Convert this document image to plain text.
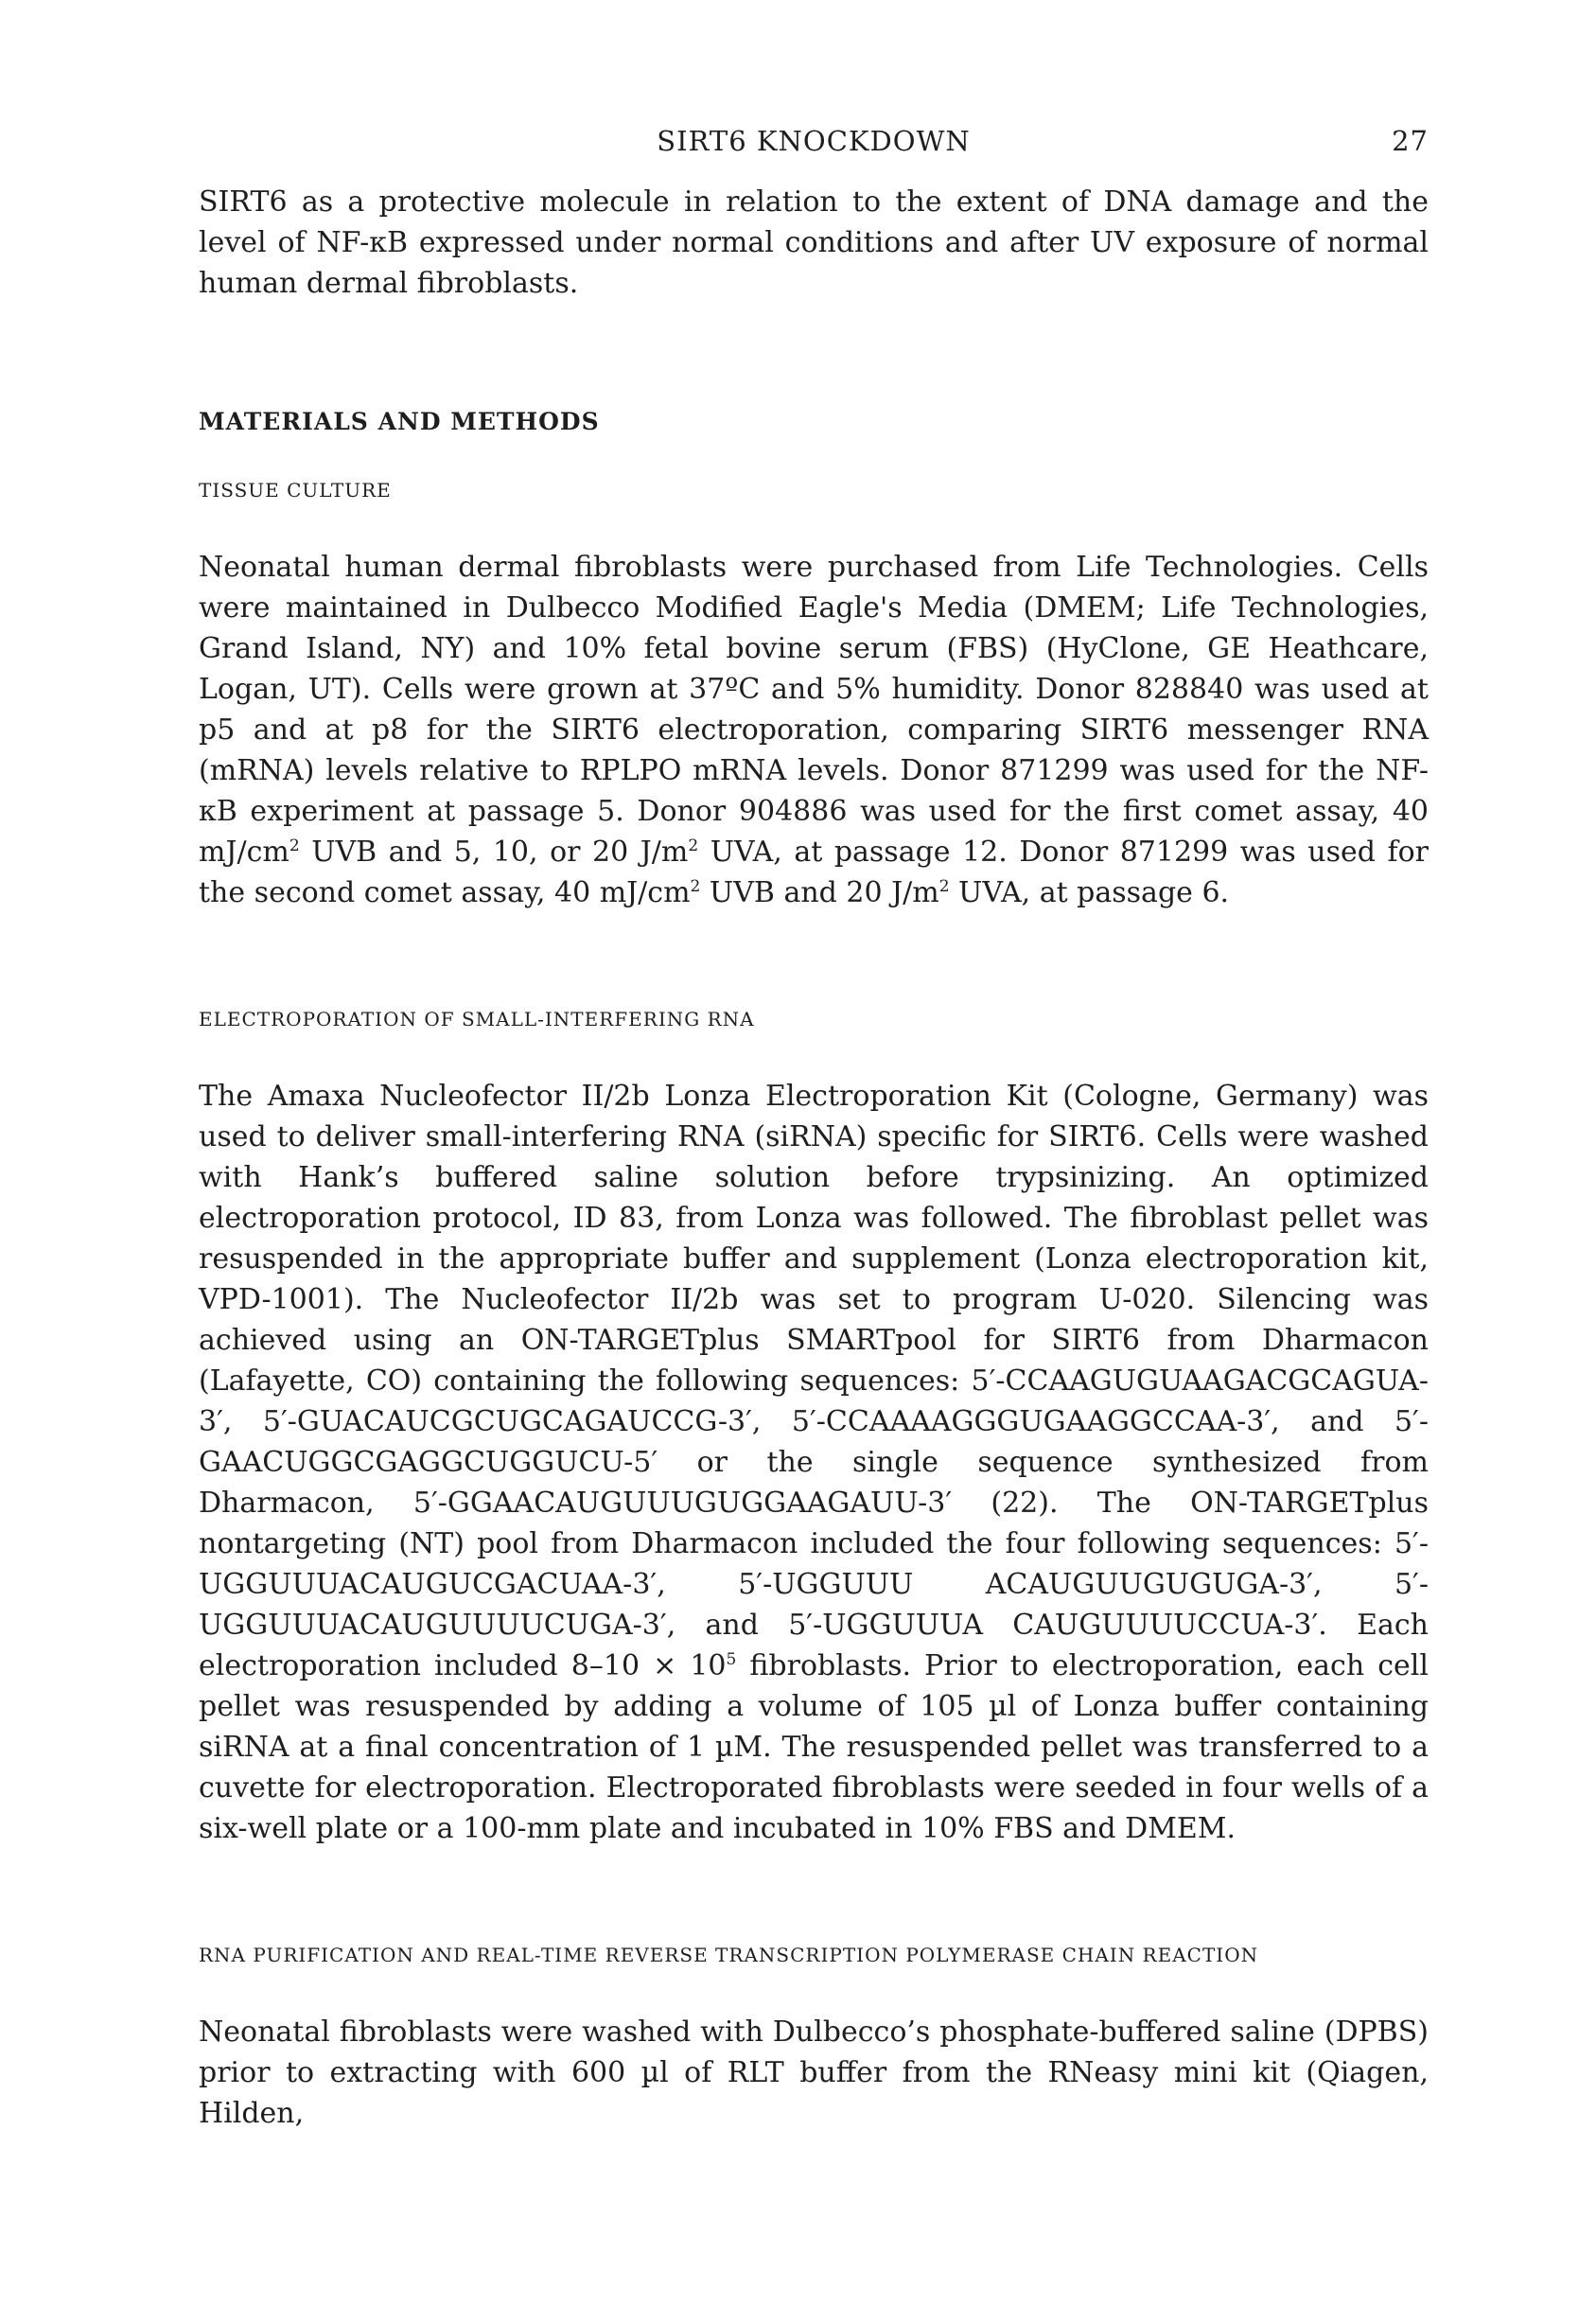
SIRT6 KNOCKDOWN	27

SIRT6 as a protective molecule in relation to the extent of DNA damage and the level of NF-κB expressed under normal conditions and after UV exposure of normal human dermal fibroblasts.

MATERIALS AND METHODS
TISSUE CULTURE

Neonatal human dermal fibroblasts were purchased from Life Technologies. Cells were maintained in Dulbecco Modified Eagle's Media (DMEM; Life Technologies, Grand Island, NY) and 10% fetal bovine serum (FBS) (HyClone, GE Heathcare, Logan, UT). Cells were grown at 37ºC and 5% humidity. Donor 828840 was used at p5 and at p8 for the SIRT6 electroporation, comparing SIRT6 messenger RNA (mRNA) levels relative to RPLPO mRNA levels. Donor 871299 was used for the NF-κB experiment at passage 5. Donor 904886 was used for the first comet assay, 40 $mJ/cm^2$ UVB and 5, 10, or 20 $J/m^2$ UVA, at passage 12. Donor 871299 was used for the second comet assay, 40 $mJ/cm^2$ UVB and 20 $J/m^2$ UVA, at passage 6.

ELECTROPORATION OF SMALL-INTERFERING RNA

The Amaxa Nucleofector II/2b Lonza Electroporation Kit (Cologne, Germany) was used to deliver small-interfering RNA (siRNA) specific for SIRT6. Cells were washed with Hank’s buffered saline solution before trypsinizing. An optimized electroporation protocol, ID 83, from Lonza was followed. The fibroblast pellet was resuspended in the appropriate buffer and supplement (Lonza electroporation kit, VPD-1001). The Nucleofector II/2b was set to program U-020. Silencing was achieved using an ON-TARGETplus SMARTpool for SIRT6 from Dharmacon (Lafayette, CO) containing the following sequences: 5′-CCAAGUGUAAGACGCAGUA-3′, 5′-GUACAUCGCUGCAGAUCCG-3′, 5′-CCAAAAGGGUGAAGGCCAA-3′, and 5′-GAACUGGCGAGGCUGGUCU-5′ or the single sequence synthesized from Dharmacon, 5′-GGAACAUGUUUGUGGAAGAUU-3′ (22). The ON-TARGETplus nontargeting (NT) pool from Dharmacon included the four following sequences: 5′-UGGUUUACAUGUCGACUAA-3′, 5′-UGGUUU ACAUGUUGUGUGA-3′, 5′-UGGUUUACAUGUUUUCUGA-3′, and 5′-UGGUUUA CAUGUUUUCCUA-3′. Each electroporation included $8-10 \times 10^5$ fibroblasts. Prior to electroporation, each cell pellet was resuspended by adding a volume of 105 µl of Lonza buffer containing siRNA at a final concentration of 1 µM. The resuspended pellet was transferred to a cuvette for electroporation. Electroporated fibroblasts were seeded in four wells of a six-well plate or a 100-mm plate and incubated in 10% FBS and DMEM.

RNA PURIFICATION AND REAL-TIME REVERSE TRANSCRIPTION POLYMERASE CHAIN REACTION

Neonatal fibroblasts were washed with Dulbecco’s phosphate-buffered saline (DPBS) prior to extracting with 600 µl of RLT buffer from the RNeasy mini kit (Qiagen, Hilden,
